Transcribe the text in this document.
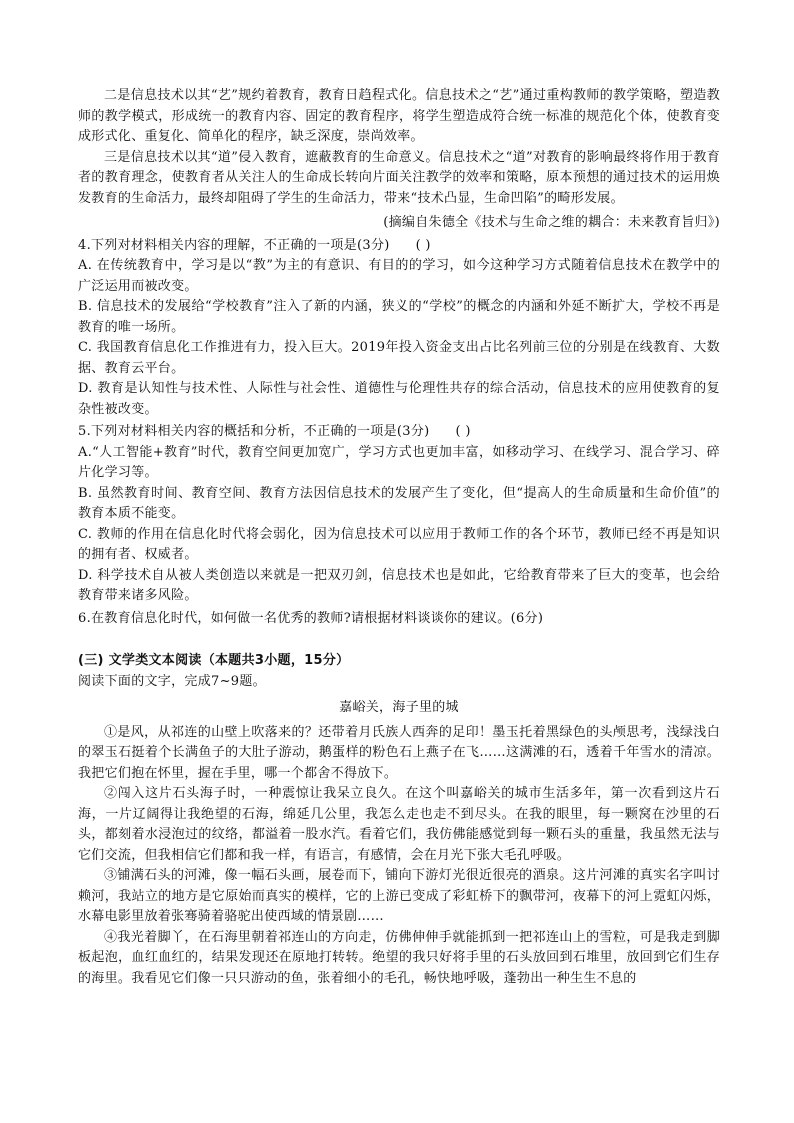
二是信息技术以其“艺”规约着教育，教育日趋程式化。信息技术之“艺”通过重构教师的教学策略，塑造教师的教学模式，形成统一的教育内容、固定的教育程序，将学生塑造成符合统一标准的规范化个体，使教育变成形式化、重复化、简单化的程序，缺乏深度，崇尚效率。

三是信息技术以其“道”侵入教育，遮蔽教育的生命意义。信息技术之“道”对教育的影响最终将作用于教育者的教育理念，使教育者从关注人的生命成长转向片面关注教学的效率和策略，原本预想的通过技术的运用焕发教育的生命活力，最终却阻碍了学生的生命活力，带来“技术凸显，生命凹陷”的畸形发展。

(摘编自朱德全《技术与生命之维的耦合：未来教育旨归》)

4.下列对材料相关内容的理解，不正确的一项是(3分) ( )

A. 在传统教育中，学习是以“教”为主的有意识、有目的的学习，如今这种学习方式随着信息技术在教学中的广泛运用而被改变。

B. 信息技术的发展给“学校教育”注入了新的内涵，狭义的“学校”的概念的内涵和外延不断扩大，学校不再是教育的唯一场所。

C. 我国教育信息化工作推进有力，投入巨大。2019年投入资金支出占比名列前三位的分别是在线教育、大数据、教育云平台。

D. 教育是认知性与技术性、人际性与社会性、道德性与伦理性共存的综合活动，信息技术的应用使教育的复杂性被改变。

5.下列对材料相关内容的概括和分析，不正确的一项是(3分) ( )

A.“人工智能+教育”时代，教育空间更加宽广，学习方式也更加丰富，如移动学习、在线学习、混合学习、碎片化学习等。

B. 虽然教育时间、教育空间、教育方法因信息技术的发展产生了变化，但“提高人的生命质量和生命价值”的教育本质不能变。

C. 教师的作用在信息化时代将会弱化，因为信息技术可以应用于教师工作的各个环节，教师已经不再是知识的拥有者、权威者。

D. 科学技术自从被人类创造以来就是一把双刃剑，信息技术也是如此，它给教育带来了巨大的变革，也会给教育带来诸多风险。

6.在教育信息化时代，如何做一名优秀的教师?请根据材料谈谈你的建议。(6分)

(三) 文学类文本阅读（本题共3小题，15分）

阅读下面的文字，完成7~9题。

嘉峪关，海子里的城

①是风，从祁连的山壁上吹落来的？还带着月氏族人西奔的足印！墨玉托着黑绿色的头颅思考，浅绿浅白的翠玉石挺着个长满鱼子的大肚子游动，鹅蛋样的粉色石上燕子在飞……这满滩的石，透着千年雪水的清凉。我把它们抱在怀里，握在手里，哪一个都舍不得放下。

②闯入这片石头海子时，一种震惊让我呆立良久。在这个叫嘉峪关的城市生活多年，第一次看到这片石海，一片辽阔得让我绝望的石海，绵延几公里，我怎么走也走不到尽头。在我的眼里，每一颗窝在沙里的石头，都刻着水浸泡过的纹络，都溢着一股水汽。看着它们，我仿佛能感觉到每一颗石头的重量，我虽然无法与它们交流，但我相信它们都和我一样，有语言，有感情，会在月光下张大毛孔呼吸。

③铺满石头的河滩，像一幅石头画，展卷而下，铺向下游灯光很近很亮的酒泉。这片河滩的真实名字叫讨赖河，我站立的地方是它原始而真实的模样，它的上游已变成了彩虹桥下的飘带河，夜幕下的河上霓虹闪烁，水幕电影里放着张骞骑着骆驼出使西域的情景剧……

④我光着脚丫，在石海里朝着祁连山的方向走，仿佛伸伸手就能抓到一把祁连山上的雪粒，可是我走到脚板起泡，血红血红的，结果发现还在原地打转转。绝望的我只好将手里的石头放回到石堆里，放回到它们生存的海里。我看见它们像一只只游动的鱼，张着细小的毛孔，畅快地呼吸，蓬勃出一种生生不息的
